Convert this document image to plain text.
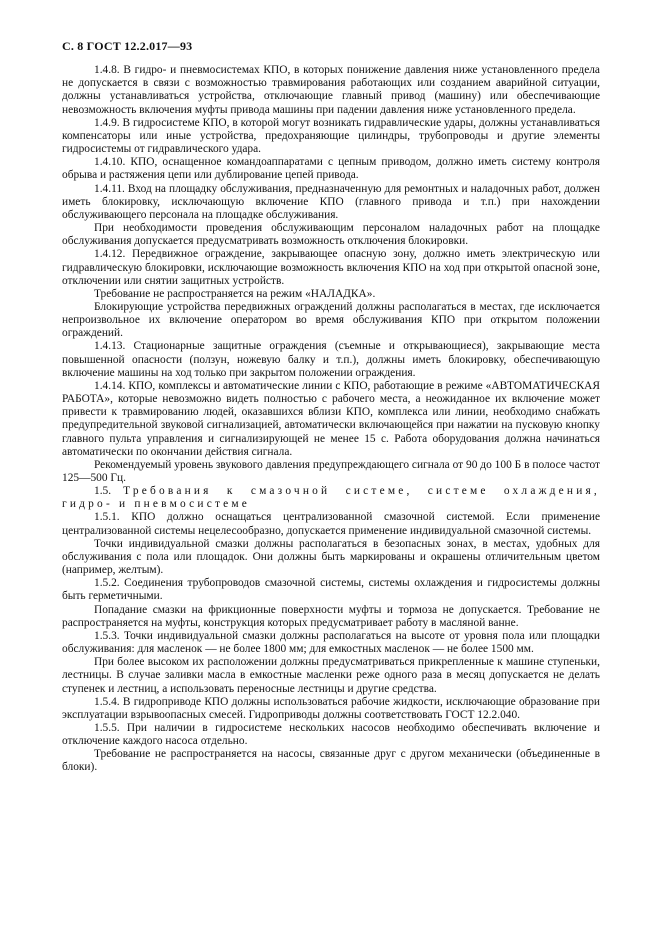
С. 8 ГОСТ 12.2.017—93

1.4.8. В гидро- и пневмосистемах КПО, в которых понижение давления ниже установленного предела не допускается в связи с возможностью травмирования работающих или созданием аварийной ситуации, должны устанавливаться устройства, отключающие главный привод (машину) или обеспечивающие невозможность включения муфты привода машины при падении давления ниже установленного предела.

1.4.9. В гидросистеме КПО, в которой могут возникать гидравлические удары, должны устанавливаться компенсаторы или иные устройства, предохраняющие цилиндры, трубопроводы и другие элементы гидросистемы от гидравлического удара.

1.4.10. КПО, оснащенное командоаппаратами с цепным приводом, должно иметь систему контроля обрыва и растяжения цепи или дублирование цепей привода.

1.4.11. Вход на площадку обслуживания, предназначенную для ремонтных и наладочных работ, должен иметь блокировку, исключающую включение КПО (главного привода и т.п.) при нахождении обслуживающего персонала на площадке обслуживания.

При необходимости проведения обслуживающим персоналом наладочных работ на площадке обслуживания допускается предусматривать возможность отключения блокировки.

1.4.12. Передвижное ограждение, закрывающее опасную зону, должно иметь электрическую или гидравлическую блокировки, исключающие возможность включения КПО на ход при открытой опасной зоне, отключении или снятии защитных устройств.

Требование не распространяется на режим «НАЛАДКА».

Блокирующие устройства передвижных ограждений должны располагаться в местах, где исключается непроизвольное их включение оператором во время обслуживания КПО при открытом положении ограждений.

1.4.13. Стационарные защитные ограждения (съемные и открывающиеся), закрывающие места повышенной опасности (ползун, ножевую балку и т.п.), должны иметь блокировку, обеспечивающую включение машины на ход только при закрытом положении ограждения.

1.4.14. КПО, комплексы и автоматические линии с КПО, работающие в режиме «АВТОМАТИЧЕСКАЯ РАБОТА», которые невозможно видеть полностью с рабочего места, а неожиданное их включение может привести к травмированию людей, оказавшихся вблизи КПО, комплекса или линии, необходимо снабжать предупредительной звуковой сигнализацией, автоматически включающейся при нажатии на пусковую кнопку главного пульта управления и сигнализирующей не менее 15 с. Работа оборудования должна начинаться автоматически по окончании действия сигнала.

Рекомендуемый уровень звукового давления предупреждающего сигнала от 90 до 100 Б в полосе частот 125—500 Гц.

1.5. Требования к смазочной системе, системе охлаждения, гидро- и пневмосистеме

1.5.1. КПО должно оснащаться централизованной смазочной системой. Если применение централизованной системы нецелесообразно, допускается применение индивидуальной смазочной системы.

Точки индивидуальной смазки должны располагаться в безопасных зонах, в местах, удобных для обслуживания с пола или площадок. Они должны быть маркированы и окрашены отличительным цветом (например, желтым).

1.5.2. Соединения трубопроводов смазочной системы, системы охлаждения и гидросистемы должны быть герметичными.

Попадание смазки на фрикционные поверхности муфты и тормоза не допускается. Требование не распространяется на муфты, конструкция которых предусматривает работу в масляной ванне.

1.5.3. Точки индивидуальной смазки должны располагаться на высоте от уровня пола или площадки обслуживания: для масленок — не более 1800 мм; для емкостных масленок — не более 1500 мм.

При более высоком их расположении должны предусматриваться прикрепленные к машине ступеньки, лестницы. В случае заливки масла в емкостные масленки реже одного раза в месяц допускается не делать ступенек и лестниц, а использовать переносные лестницы и другие средства.

1.5.4. В гидроприводе КПО должны использоваться рабочие жидкости, исключающие образование при эксплуатации взрывоопасных смесей. Гидроприводы должны соответствовать ГОСТ 12.2.040.

1.5.5. При наличии в гидросистеме нескольких насосов необходимо обеспечивать включение и отключение каждого насоса отдельно.

Требование не распространяется на насосы, связанные друг с другом механически (объединенные в блоки).
